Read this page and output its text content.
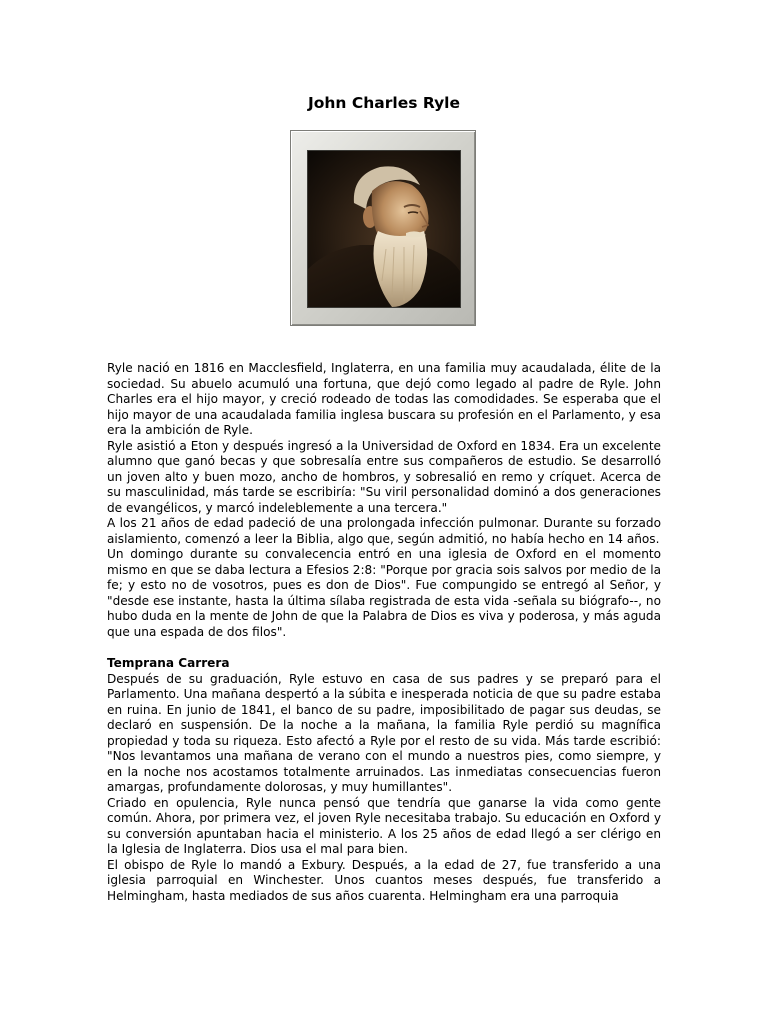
John Charles Ryle

Ryle nació en 1816 en Macclesfield, Inglaterra, en una familia muy acaudalada, élite de la sociedad. Su abuelo acumuló una fortuna, que dejó como legado al padre de Ryle. John Charles era el hijo mayor, y creció rodeado de todas las comodidades. Se esperaba que el hijo mayor de una acaudalada familia inglesa buscara su profesión en el Parlamento, y esa era la ambición de Ryle.

Ryle asistió a Eton y después ingresó a la Universidad de Oxford en 1834. Era un excelente alumno que ganó becas y que sobresalía entre sus compañeros de estudio. Se desarrolló un joven alto y buen mozo, ancho de hombros, y sobresalió en remo y críquet. Acerca de su masculinidad, más tarde se escribiría: "Su viril personalidad dominó a dos generaciones de evangélicos, y marcó indeleblemente a una tercera."

A los 21 años de edad padeció de una prolongada infección pulmonar. Durante su forzado aislamiento, comenzó a leer la Biblia, algo que, según admitió, no había hecho en 14 años.

Un domingo durante su convalecencia entró en una iglesia de Oxford en el momento mismo en que se daba lectura a Efesios 2:8: "Porque por gracia sois salvos por medio de la fe; y esto no de vosotros, pues es don de Dios". Fue compungido se entregó al Señor, y "desde ese instante, hasta la última sílaba registrada de esta vida -señala su biógrafo--, no hubo duda en la mente de John de que la Palabra de Dios es viva y poderosa, y más aguda que una espada de dos filos".

Temprana Carrera

Después de su graduación, Ryle estuvo en casa de sus padres y se preparó para el Parlamento. Una mañana despertó a la súbita e inesperada noticia de que su padre estaba en ruina. En junio de 1841, el banco de su padre, imposibilitado de pagar sus deudas, se declaró en suspensión. De la noche a la mañana, la familia Ryle perdió su magnífica propiedad y toda su riqueza. Esto afectó a Ryle por el resto de su vida. Más tarde escribió: "Nos levantamos una mañana de verano con el mundo a nuestros pies, como siempre, y en la noche nos acostamos totalmente arruinados. Las inmediatas consecuencias fueron amargas, profundamente dolorosas, y muy humillantes".

Criado en opulencia, Ryle nunca pensó que tendría que ganarse la vida como gente común. Ahora, por primera vez, el joven Ryle necesitaba trabajo. Su educación en Oxford y su conversión apuntaban hacia el ministerio. A los 25 años de edad llegó a ser clérigo en la Iglesia de Inglaterra. Dios usa el mal para bien.

El obispo de Ryle lo mandó a Exbury. Después, a la edad de 27, fue transferido a una iglesia parroquial en Winchester. Unos cuantos meses después, fue transferido a Helmingham, hasta mediados de sus años cuarenta. Helmingham era una parroquia
